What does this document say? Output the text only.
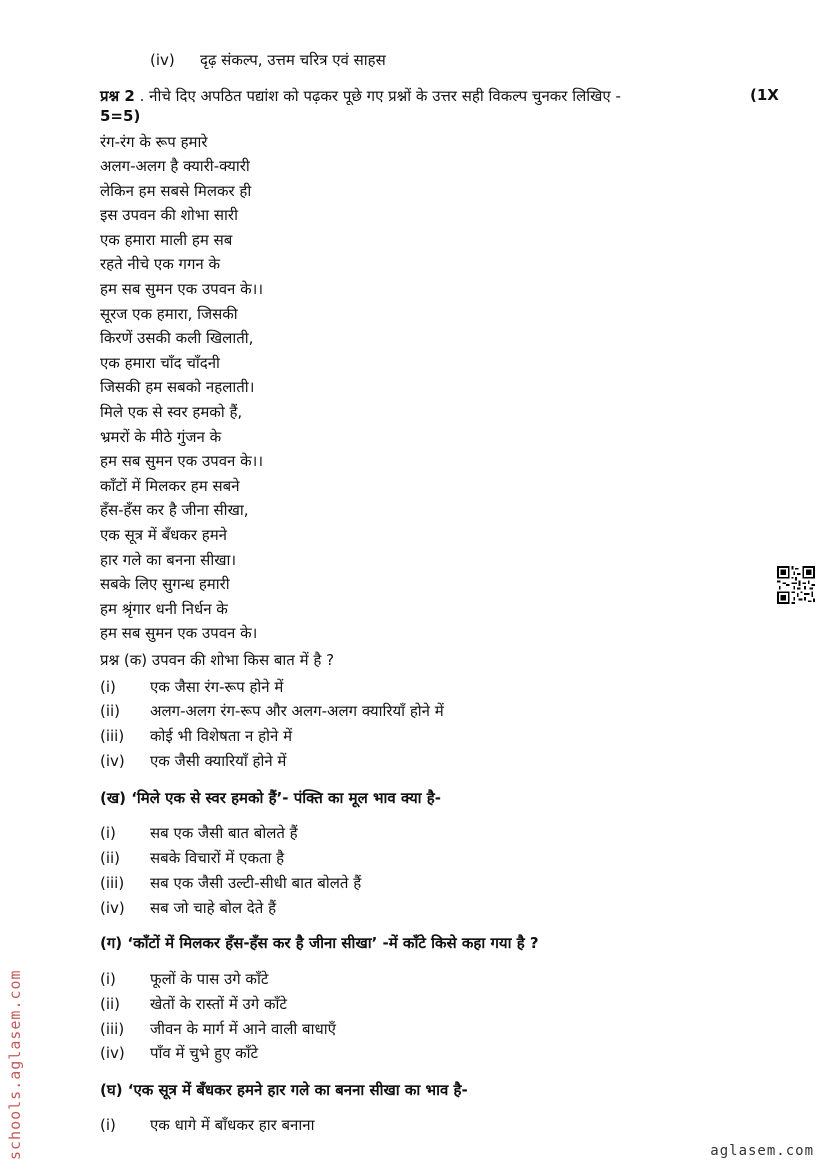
(iv) दृढ़ संकल्प, उत्तम चरित्र एवं साहस
प्रश्न 2 . नीचे दिए अपठित पद्यांश को पढ़कर पूछे गए प्रश्नों के उत्तर सही विकल्प चुनकर लिखिए -
5=5)
(1X
रंग-रंग के रूप हमारे
अलग-अलग है क्यारी-क्यारी
लेकिन हम सबसे मिलकर ही
इस उपवन की शोभा सारी
एक हमारा माली हम सब
रहते नीचे एक गगन के
हम सब सुमन एक उपवन के।।
सूरज एक हमारा, जिसकी
किरणें उसकी कली खिलाती,
एक हमारा चाँद चाँदनी
जिसकी हम सबको नहलाती।
मिले एक से स्वर हमको हैं,
भ्रमरों के मीठे गुंजन के
हम सब सुमन एक उपवन के।।
काँटों में मिलकर हम सबने
हँस-हँस कर है जीना सीखा,
एक सूत्र में बँधकर हमने
हार गले का बनना सीखा।
सबके लिए सुगन्ध हमारी
हम श्रृंगार धनी निर्धन के
हम सब सुमन एक उपवन के।
प्रश्न (क) उपवन की शोभा किस बात में है ?
(i) एक जैसा रंग-रूप होने में
(ii) अलग-अलग रंग-रूप और अलग-अलग क्यारियाँ होने में
(iii) कोई भी विशेषता न होने में
(iv) एक जैसी क्यारियाँ होने में
(ख) ‘मिले एक से स्वर हमको हैं’- पंक्ति का मूल भाव क्या है-
(i) सब एक जैसी बात बोलते हैं
(ii) सबके विचारों में एकता है
(iii) सब एक जैसी उल्टी-सीधी बात बोलते हैं
(iv) सब जो चाहे बोल देते हैं
(ग) ‘काँटों में मिलकर हँस-हँस कर है जीना सीखा’ -में काँटे किसे कहा गया है ?
(i) फूलों के पास उगे काँटे
(ii) खेतों के रास्तों में उगे काँटे
(iii) जीवन के मार्ग में आने वाली बाधाएँ
(iv) पाँव में चुभे हुए काँटे
(घ) ‘एक सूत्र में बँधकर हमने हार गले का बनना सीखा का भाव है-
(i) एक धागे में बाँधकर हार बनाना
schools.aglasem.com	aglasem.com
